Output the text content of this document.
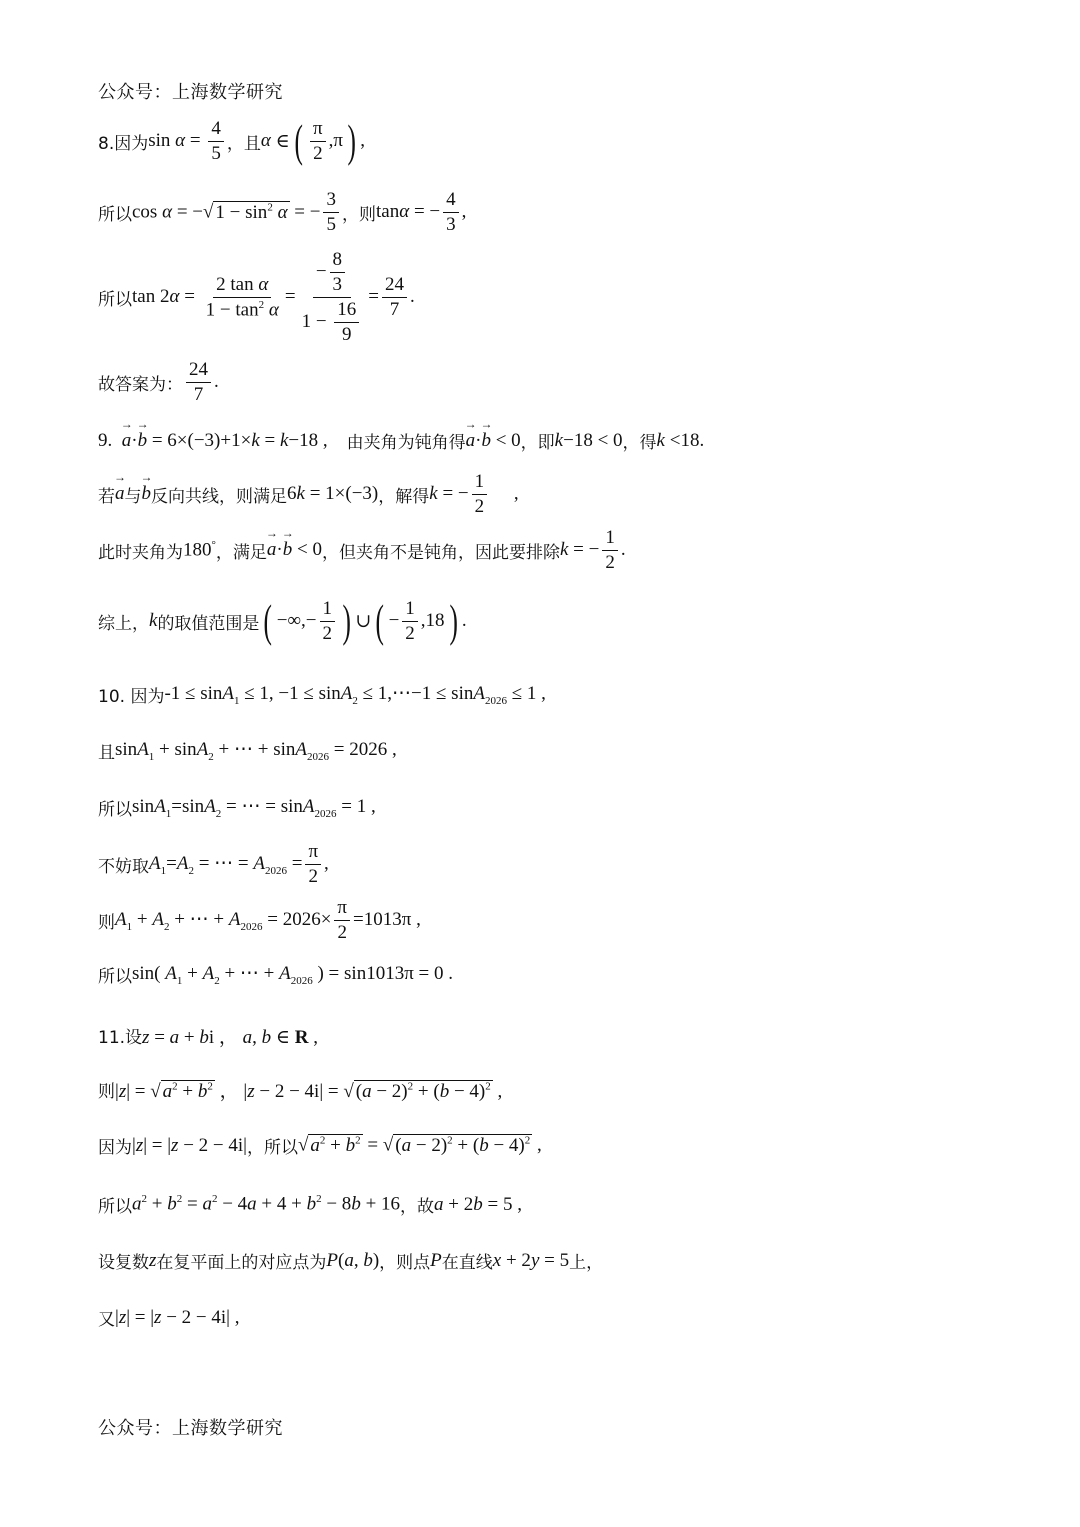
公众号：上海数学研究
8.因为 $\sin \alpha = \frac{4}{5}$ ，且 α ∈ ( $\frac{\pi}{2} ,\pi$ ) ,
所以 cos α = −√ $1 - \sin^2 \alpha$ = − $\frac{3}{5}$ ，则 tanα = − $\frac{4}{3}$ ,
所以 $\tan 2\alpha = \frac{\text{2 tan α}}{1 - \tan^2 \alpha} = \frac{- \frac{8}{3}}{1 - \frac{16}{9}} = \frac{24}{7}$ .
故答案为： $\frac{24}{7}$ .
9.
→ a·→ b = 6×(−3)+1×k = k−18 , 由夹角为钝角得 → a·→ b < 0 ，即 k−18 < 0 ，得 k <18.
若 → a 与 → b 反向共线，则满足 6k = 1×(−3) ，解得 k = − $\frac{1}{2}$ ,
此时夹角为 180° ，满足 → a·→ b < 0 ，但夹角不是钝角，因此要排除 k = − $\frac{1}{2}$ .
综上， k 的取值范围是 ( −∞,− $\frac{1}{2}$ ) ∪ ( − $\frac{1}{2} ,18$ ) .
10. 因为 -1 ≤ sinA$_1$ ≤ 1, −1 ≤ sinA$_2$ ≤ 1,⋯−1 ≤ sinA$_{2026}$ ≤ 1 ,
且 sinA$_1$ + sinA$_2$ + ⋯ + sinA$_{2026}$ = 2026 ,
所以 sinA$_1$=sinA$_2$ = ⋯ = sinA$_{2026}$ = 1 ,
不妨取 $A_1=A_2$ = ⋯ = $A_{2026} = \frac{\pi}{2}$ ,
则 $A_1 + A_2$ + ⋯ + $A_{2026} = 2026\times \frac{\pi}{2} =1013\pi$ ,
所以 sin( $A_1 + A_2$ + ⋯ + $A_{2026}$ ) = sin1013π = 0 .
11.设 z = a + bi ， a, b ∈ R ,
则 |z| = √ $a^2 + b^2$ ， |z − 2 − 4i| = √ $(a - 2)^2 + (b - 4)^2$ ,
因为 |z| = |z − 2 − 4i| ，所以 √ $a^2 + b^2$ = √ $(a - 2)^2 + (b - 4)^2$ ,
所以 $a^2 + b^2 = a^2 - 4a + 4 + b^2 - 8b + 16$ ，故 a + 2b = 5 ,
设复数 z 在复平面上的对应点为 P(a, b) ，则点 P 在直线 x + 2y = 5 上，
又 |z| = |z − 2 − 4i| ,
公众号：上海数学研究
